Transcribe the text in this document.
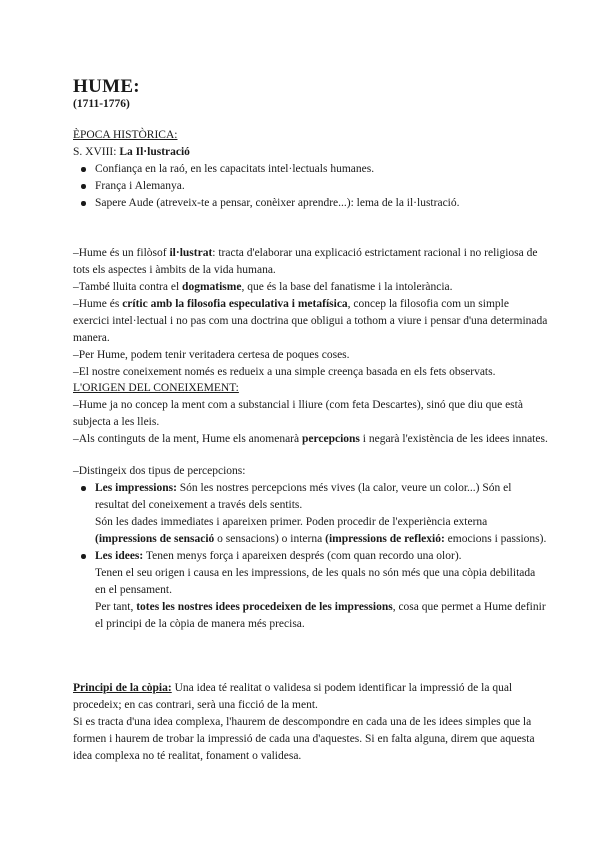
HUME:
(1711-1776)

ÈPOCA HISTÒRICA:

S. XVIII: La Il·lustració

Confiança en la raó, en les capacitats intel·lectuals humanes.
França i Alemanya.
Sapere Aude (atreveix-te a pensar, conèixer aprendre...): lema de la il·lustració.

–Hume és un filòsof il·lustrat: tracta d'elaborar una explicació estrictament racional i no religiosa de tots els aspectes i àmbits de la vida humana.

–També lluita contra el dogmatisme, que és la base del fanatisme i la intolerància.

–Hume és crític amb la filosofia especulativa i metafísica, concep la filosofia com un simple exercici intel·lectual i no pas com una doctrina que obligui a tothom a viure i pensar d'una determinada manera.

–Per Hume, podem tenir veritadera certesa de poques coses.

–El nostre coneixement només es redueix a una simple creença basada en els fets observats.

L'ORIGEN DEL CONEIXEMENT:

–Hume ja no concep la ment com a substancial i lliure (com feta Descartes), sinó que diu que està subjecta a les lleis.

–Als continguts de la ment, Hume els anomenarà percepcions i negarà l'existència de les idees innates.

–Distingeix dos tipus de percepcions:

Les impressions: Són les nostres percepcions més vives (la calor, veure un color...) Són el resultat del coneixement a través dels sentits.
Són les dades immediates i apareixen primer. Poden procedir de l'experiència externa (impressions de sensació o sensacions) o interna (impressions de reflexió: emocions i passions).
Les idees: Tenen menys força i apareixen després (com quan recordo una olor).
Tenen el seu origen i causa en les impressions, de les quals no són més que una còpia debilitada en el pensament.
Per tant, totes les nostres idees procedeixen de les impressions, cosa que permet a Hume definir el principi de la còpia de manera més precisa.

Principi de la còpia: Una idea té realitat o validesa si podem identificar la impressió de la qual procedeix; en cas contrari, serà una ficció de la ment.

Si es tracta d'una idea complexa, l'haurem de descompondre en cada una de les idees simples que la formen i haurem de trobar la impressió de cada una d'aquestes. Si en falta alguna, direm que aquesta idea complexa no té realitat, fonament o validesa.
